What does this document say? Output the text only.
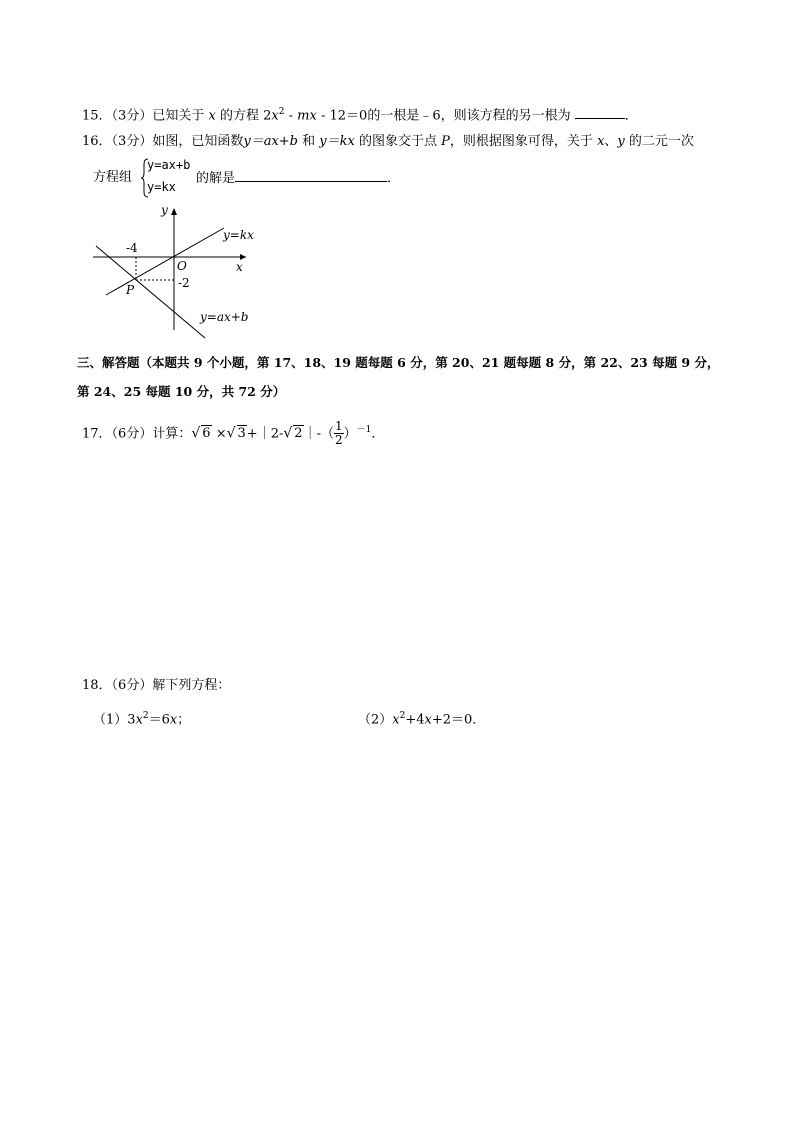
15．（3分）已知关于 x 的方程 $2x^2$ - mx - 12＝0的一根是﹣6，则该方程的另一根为	．
16．（3分）如图，已知函数y＝ax+b 和 y＝kx 的图象交于点 P，则根据图象可得，关于 x、y 的二元一次
方程组
y=ax+b
y=kx
的解是	．
y
x
O
-4
-2
P
y=kx
y=ax+b
三、解答题（本题共 9 个小题，第 17、18、19 题每题 6 分，第 20、21 题每题 8 分，第 22、23 每题 9 分，
第 24、25 每题 10 分，共 72 分）
17．（6分）计算：√ 6 ×√ 3+｜2-√ 2｜-（ $\frac{1}{2} )^{-1}$．
18．（6分）解下列方程：
$(1)3x^2=6x$；	$(2)x^2+4x+2=0$．
